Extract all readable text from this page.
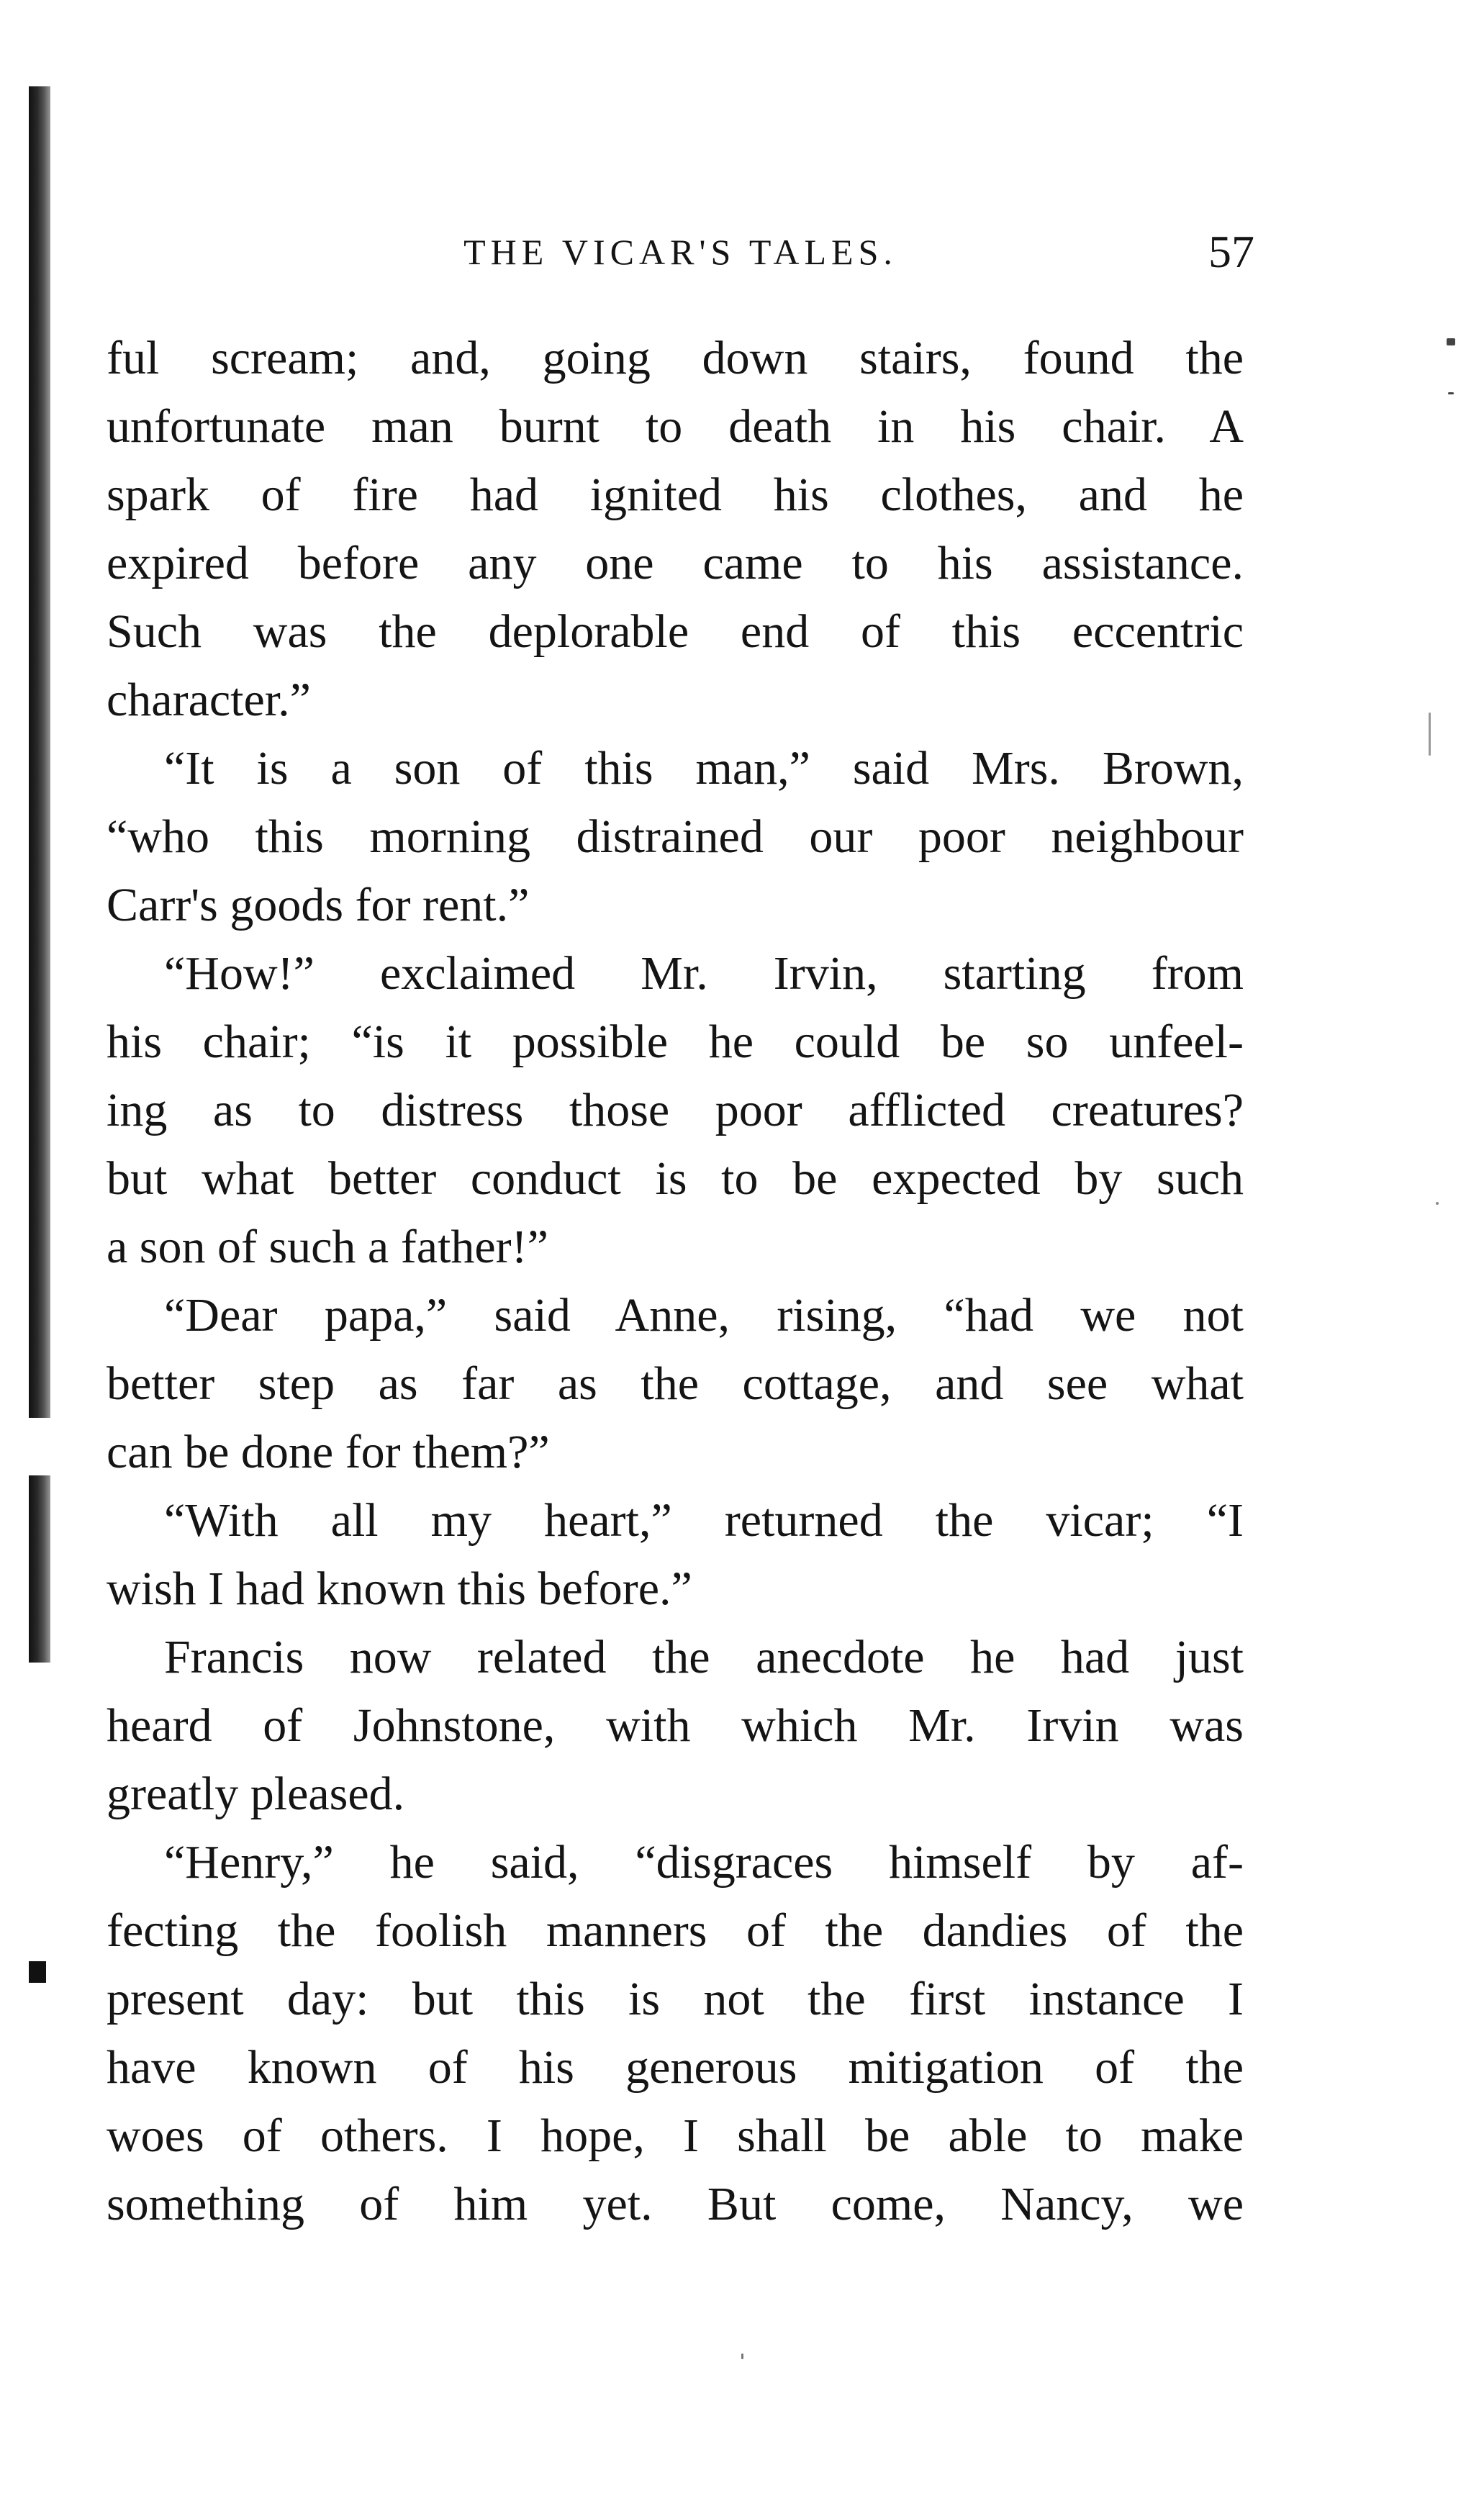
THE VICAR'S TALES.	57
ful scream; and, going down stairs, found the
unfortunate man burnt to death in his chair. A
spark of fire had ignited his clothes, and he
expired before any one came to his assistance.
Such was the deplorable end of this eccentric
character.”
“It is a son of this man,” said Mrs. Brown,
“who this morning distrained our poor neighbour
Carr's goods for rent.”
“How!” exclaimed Mr. Irvin, starting from
his chair; “is it possible he could be so unfeel-
ing as to distress those poor afflicted creatures?
but what better conduct is to be expected by such
a son of such a father!”
“Dear papa,” said Anne, rising, “had we not
better step as far as the cottage, and see what
can be done for them?”
“With all my heart,” returned the vicar; “I
wish I had known this before.”
Francis now related the anecdote he had just
heard of Johnstone, with which Mr. Irvin was
greatly pleased.
“Henry,” he said, “disgraces himself by af-
fecting the foolish manners of the dandies of the
present day: but this is not the first instance I
have known of his generous mitigation of the
woes of others. I hope, I shall be able to make
something of him yet. But come, Nancy, we
